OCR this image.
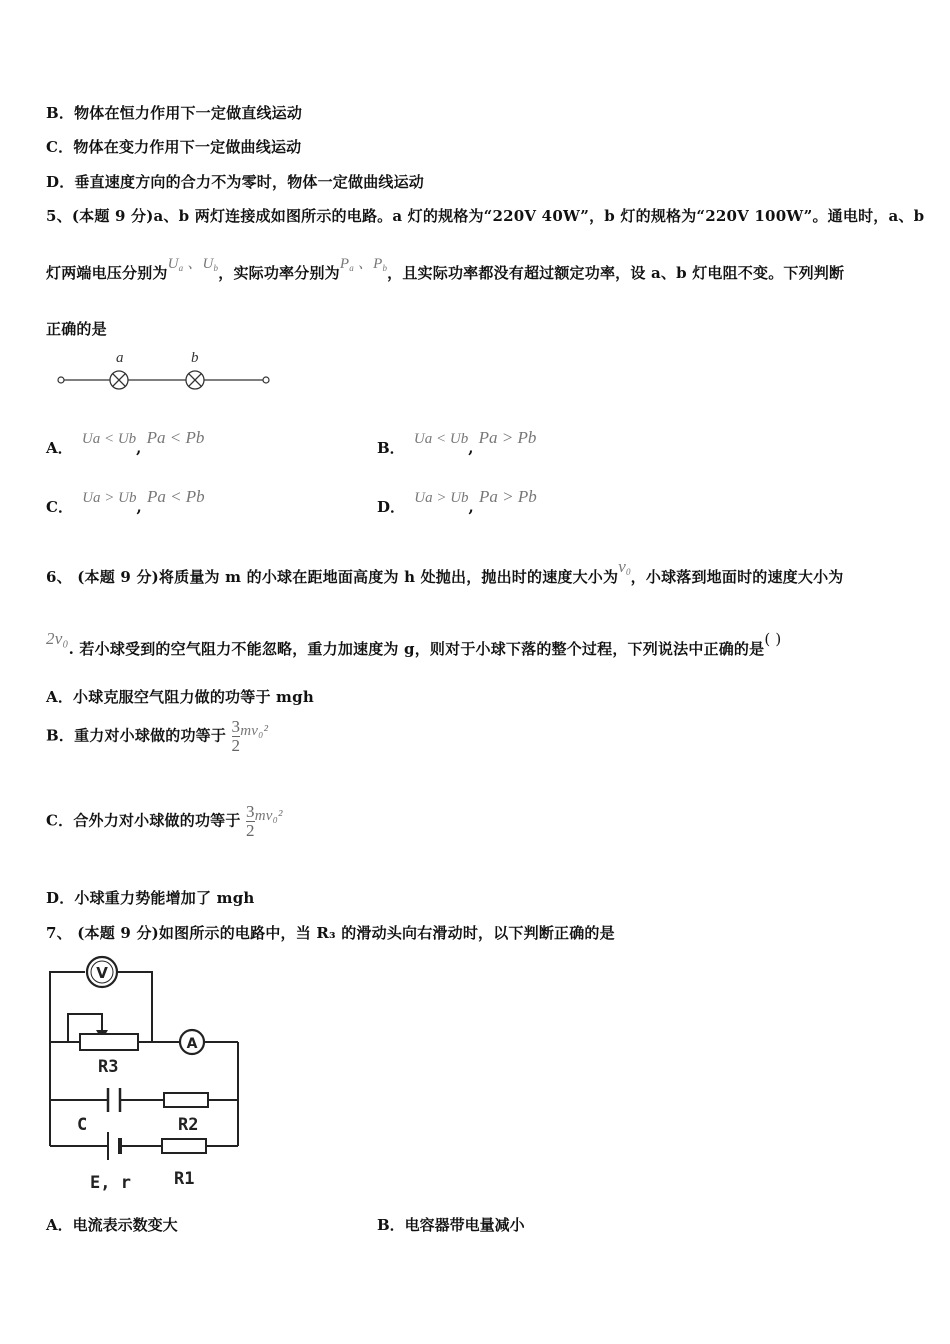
B．物体在恒力作用下一定做直线运动
C．物体在变力作用下一定做曲线运动
D．垂直速度方向的合力不为零时，物体一定做曲线运动
5、(本题 9 分)a、b 两灯连接成如图所示的电路。a 灯的规格为“220V 40W”，b 灯的规格为“220V 100W”。通电时，a、b
灯两端电压分别为$U_a$ 、$U_b$，实际功率分别为$P_a$ 、$P_b$，且实际功率都没有超过额定功率，设 a、b 灯电阻不变。下列判断
正确的是
a	b
A． Ua < Ub, Pa < Pb
B． Ua < Ub, Pa > Pb
C． Ua > Ub, Pa < Pb
D． Ua > Ub, Pa > Pb
6、 (本题 9 分)将质量为 m 的小球在距地面高度为 h 处抛出，抛出时的速度大小为$v_0$，小球落到地面时的速度大小为
2v₀. 若小球受到的空气阻力不能忽略，重力加速度为 g，则对于小球下落的整个过程，下列说法中正确的是( )
A．小球克服空气阻力做的功等于 mgh
B．重力对小球做的功等于 $\frac{3}{2} mv_0^2$
C．合外力对小球做的功等于 $\frac{3}{2} mv_0^2$
D．小球重力势能增加了 mgh
7、 (本题 9 分)如图所示的电路中，当 R₃ 的滑动头向右滑动时，以下判断正确的是
V
R3
A
C	R2
E, r	R1
A．电流表示数变大	B．电容器带电量减小
